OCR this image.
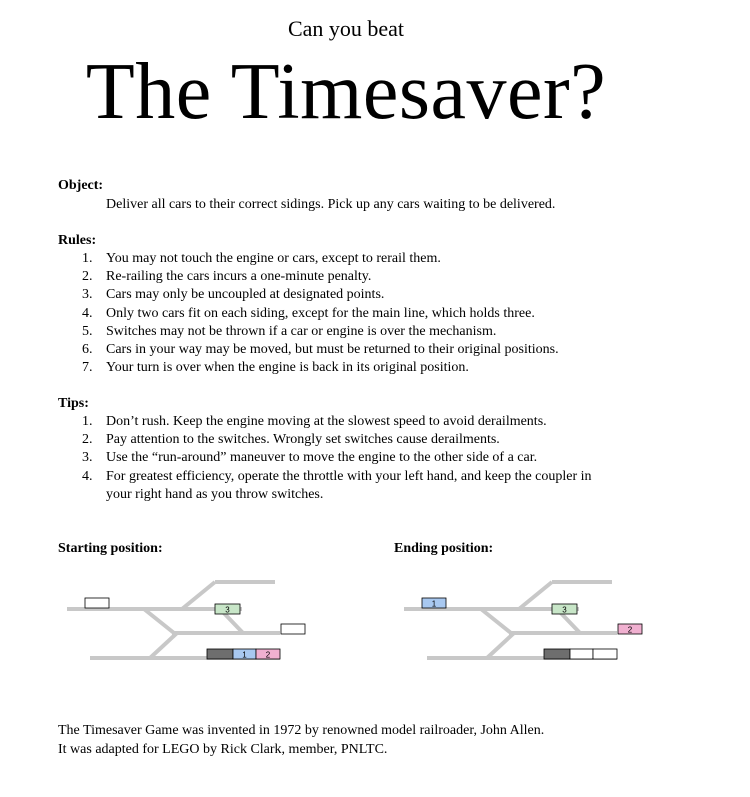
Can you beat
The Timesaver?
Object:
Deliver all cars to their correct sidings. Pick up any cars waiting to be delivered.
Rules:
1. You may not touch the engine or cars, except to rerail them.
2. Re-railing the cars incurs a one-minute penalty.
3. Cars may only be uncoupled at designated points.
4. Only two cars fit on each siding, except for the main line, which holds three.
5. Switches may not be thrown if a car or engine is over the mechanism.
6. Cars in your way may be moved, but must be returned to their original positions.
7. Your turn is over when the engine is back in its original position.
Tips:
1. Don’t rush. Keep the engine moving at the slowest speed to avoid derailments.
2. Pay attention to the switches. Wrongly set switches cause derailments.
3. Use the “run-around” maneuver to move the engine to the other side of a car.
4. For greatest efficiency, operate the throttle with your left hand, and keep the coupler in your right hand as you throw switches.
Starting position:
3
1 2
Ending position:
1
3
2
The Timesaver Game was invented in 1972 by renowned model railroader, John Allen.
It was adapted for LEGO by Rick Clark, member, PNLTC.
